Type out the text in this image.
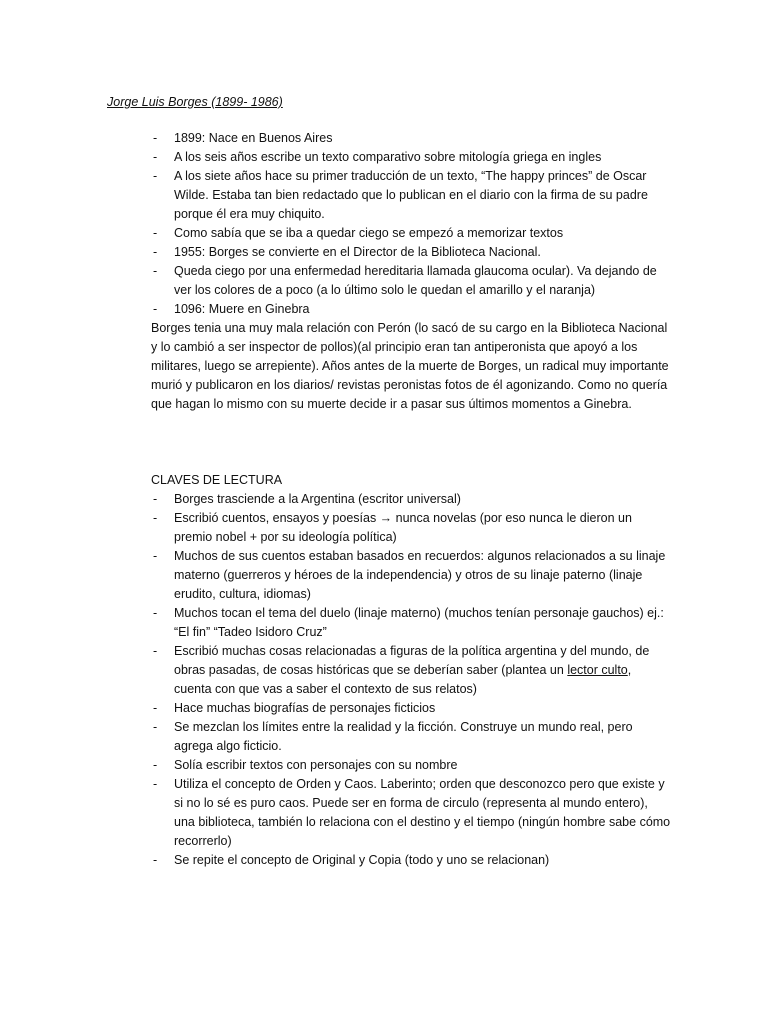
Jorge Luis Borges (1899- 1986)
- 1899: Nace en Buenos Aires
- A los seis años escribe un texto comparativo sobre mitología griega en ingles
- A los siete años hace su primer traducción de un texto, “The happy princes” de Oscar Wilde. Estaba tan bien redactado que lo publican en el diario con la firma de su padre porque él era muy chiquito.
- Como sabía que se iba a quedar ciego se empezó a memorizar textos
- 1955: Borges se convierte en el Director de la Biblioteca Nacional.
- Queda ciego por una enfermedad hereditaria llamada glaucoma ocular). Va dejando de ver los colores de a poco (a lo último solo le quedan el amarillo y el naranja)
- 1096: Muere en Ginebra

Borges tenia una muy mala relación con Perón (lo sacó de su cargo en la Biblioteca Nacional y lo cambió a ser inspector de pollos)(al principio eran tan antiperonista que apoyó a los militares, luego se arrepiente). Años antes de la muerte de Borges, un radical muy importante murió y publicaron en los diarios/ revistas peronistas fotos de él agonizando. Como no quería que hagan lo mismo con su muerte decide ir a pasar sus últimos momentos a Ginebra.

CLAVES DE LECTURA

- Borges trasciende a la Argentina (escritor universal)
- Escribió cuentos, ensayos y poesías → nunca novelas (por eso nunca le dieron un premio nobel + por su ideología política)
- Muchos de sus cuentos estaban basados en recuerdos: algunos relacionados a su linaje materno (guerreros y héroes de la independencia) y otros de su linaje paterno (linaje erudito, cultura, idiomas)
- Muchos tocan el tema del duelo (linaje materno) (muchos tenían personaje gauchos) ej.: “El fin” “Tadeo Isidoro Cruz”
- Escribió muchas cosas relacionadas a figuras de la política argentina y del mundo, de obras pasadas, de cosas históricas que se deberían saber (plantea un lector culto, cuenta con que vas a saber el contexto de sus relatos)
- Hace muchas biografías de personajes ficticios
- Se mezclan los límites entre la realidad y la ficción. Construye un mundo real, pero agrega algo ficticio.
- Solía escribir textos con personajes con su nombre
- Utiliza el concepto de Orden y Caos. Laberinto; orden que desconozco pero que existe y si no lo sé es puro caos. Puede ser en forma de circulo (representa al mundo entero), una biblioteca, también lo relaciona con el destino y el tiempo (ningún hombre sabe cómo recorrerlo)
- Se repite el concepto de Original y Copia (todo y uno se relacionan)
